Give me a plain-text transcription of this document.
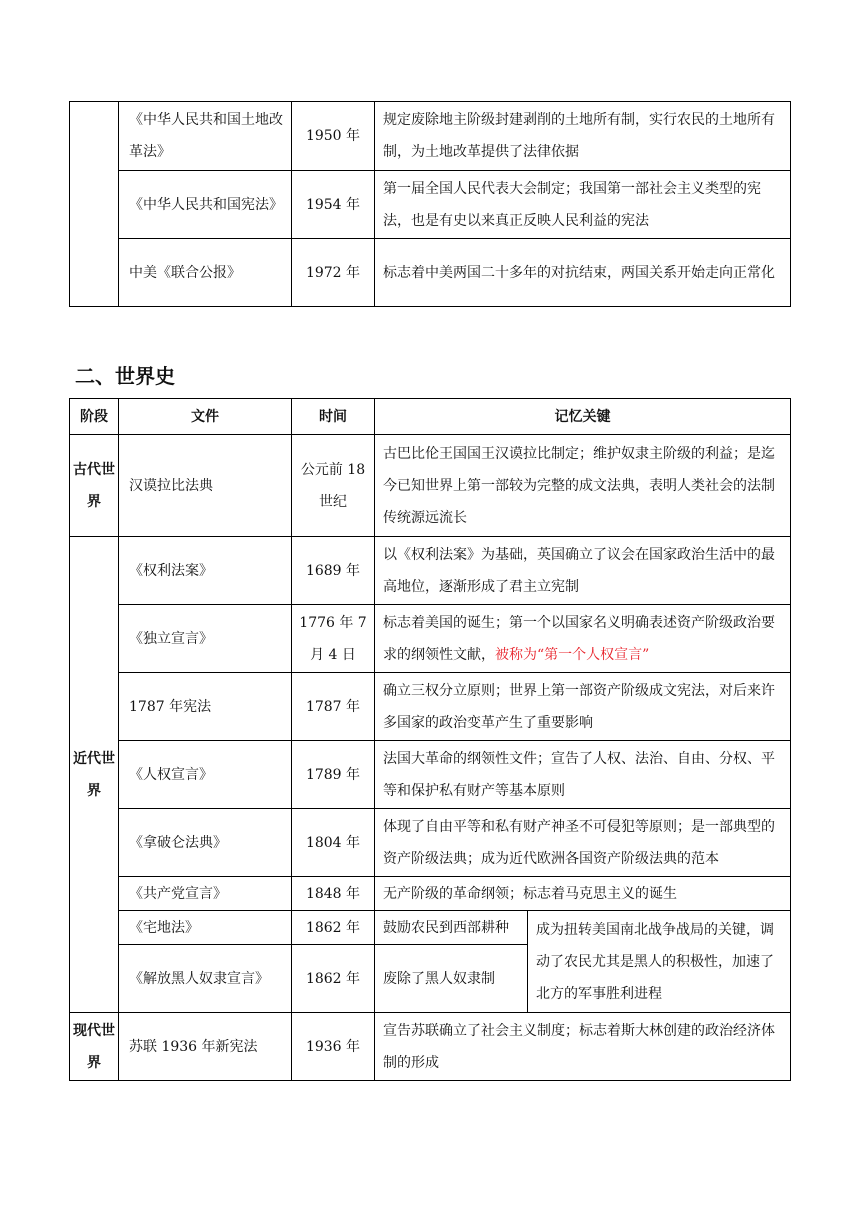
	《中华人民共和国土地改革法》	1950 年	规定废除地主阶级封建剥削的土地所有制，实行农民的土地所有制，为土地改革提供了法律依据
	《中华人民共和国宪法》	1954 年	第一届全国人民代表大会制定；我国第一部社会主义类型的宪法，也是有史以来真正反映人民利益的宪法
	中美《联合公报》	1972 年	标志着中美两国二十多年的对抗结束，两国关系开始走向正常化
二、世界史
阶段	文件	时间	记忆关键	
古代世界	汉谟拉比法典	公元前 18 世纪	古巴比伦王国国王汉谟拉比制定；维护奴隶主阶级的利益；是迄今已知世界上第一部较为完整的成文法典，表明人类社会的法制传统源远流长	
近代世界	《权利法案》	1689 年	以《权利法案》为基础，英国确立了议会在国家政治生活中的最高地位，逐渐形成了君主立宪制	
	《独立宣言》	1776 年 7 月 4 日	标志着美国的诞生；第一个以国家名义明确表述资产阶级政治要求的纲领性文献，被称为“第一个人权宣言”	
	1787 年宪法	1787 年	确立三权分立原则；世界上第一部资产阶级成文宪法，对后来许多国家的政治变革产生了重要影响	
	《人权宣言》	1789 年	法国大革命的纲领性文件；宣告了人权、法治、自由、分权、平等和保护私有财产等基本原则	
	《拿破仑法典》	1804 年	体现了自由平等和私有财产神圣不可侵犯等原则；是一部典型的资产阶级法典；成为近代欧洲各国资产阶级法典的范本	
	《共产党宣言》	1848 年	无产阶级的革命纲领；标志着马克思主义的诞生	
	《宅地法》	1862 年	鼓励农民到西部耕种	成为扭转美国南北战争战局的关键，调动了农民尤其是黑人的积极性，加速了北方的军事胜利进程
	《解放黑人奴隶宣言》	1862 年	废除了黑人奴隶制	
现代世界	苏联 1936 年新宪法	1936 年	宣告苏联确立了社会主义制度；标志着斯大林创建的政治经济体制的形成	
